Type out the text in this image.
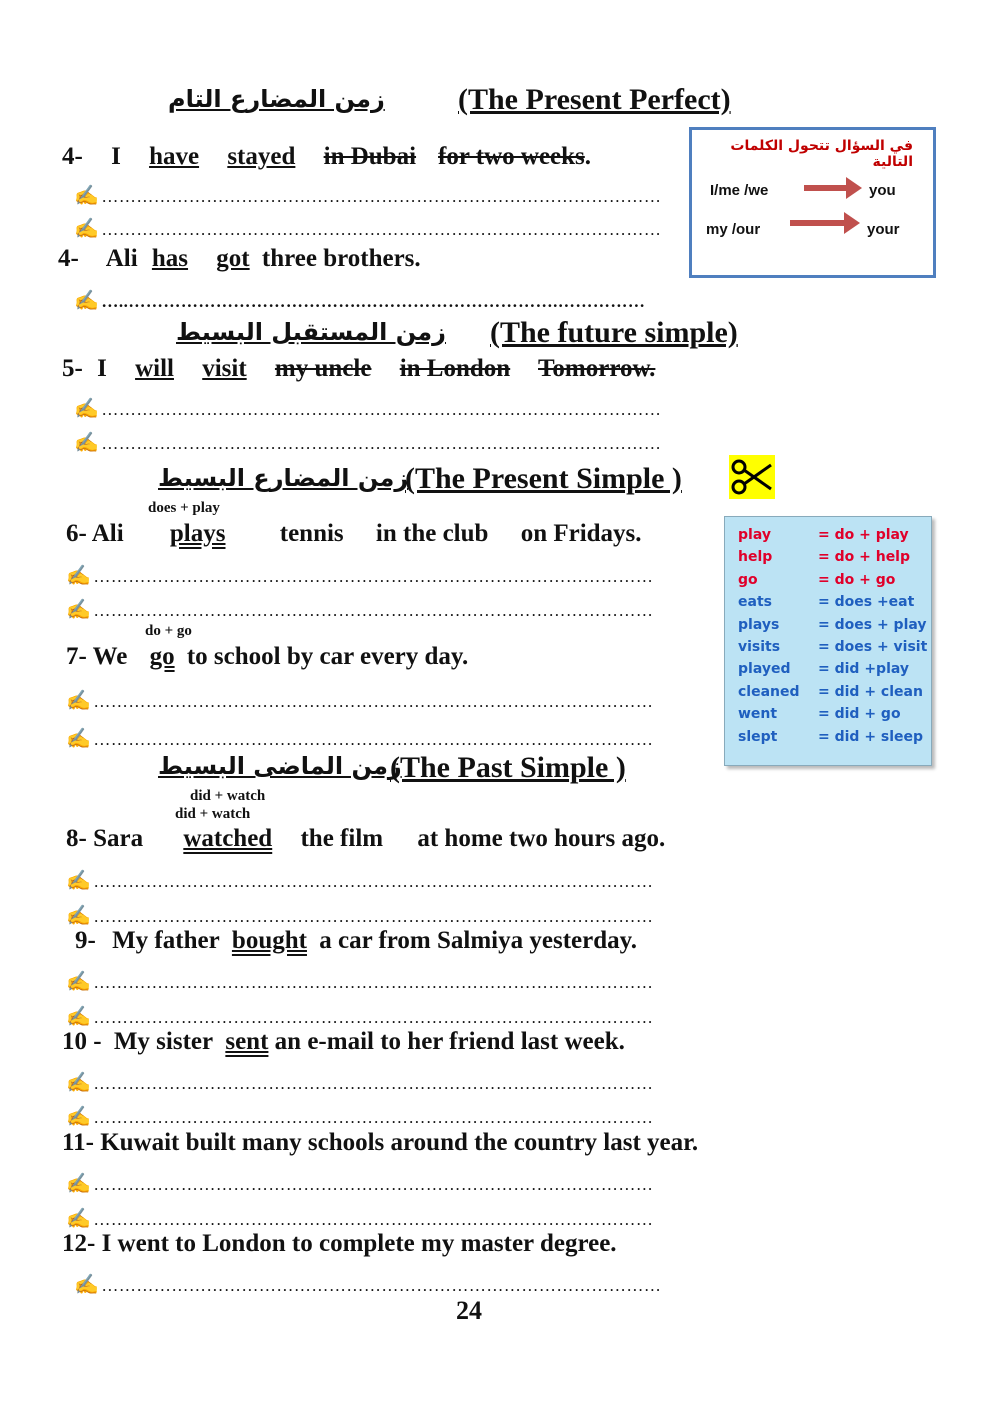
زمن المضارع التام (The Present Perfect)
4- I have stayed in Dubai for two weeks.
✍ ……………………………………………………………………………………
✍ ……………………………………………………………………………………
4- Ali has got three brothers.
✍ …..………………………………….…………………………….……………
في السؤال تتحول الكلمات التالية
I/me /we	you
my /our	your
زمن المستقبل البسيط (The future simple)
5- I will visit my uncle in London Tomorrow.
✍ ……………………………………………………………………………………
✍ ……………………………………………………………………………………
زمن المضارع البسيط
(The Present Simple )
does + play
6- Ali plays tennis in the club on Fridays.
✍ ……………………………………………………………………………………
✍ ……………………………………………………………………………………
do + go
7- We go to school by car every day.
✍ ……………………………………………………………………………………
✍ ……………………………………………………………………………………
play	= do + play
help	= do + help
go	= do + go
eats	= does +eat
plays	= does + play
visits	= does + visit
played = did +play
cleaned = did + clean
went	= did + go
slept	= did + sleep
زمن الماضى البسيط
(The Past Simple )
did + watch
did + watch
8- Sara watched the film at home two hours ago.
✍ ……………………………………………………………………………………
✍ ……………………………………………………………………………………
9- My father bought a car from Salmiya yesterday.
✍ ……………………………………………………………………………………
✍ ……………………………………………………………………………………
10 - My sister sent an e-mail to her friend last week.
✍ ……………………………………………………………………………………
✍ ……………………………………………………………………………………
11- Kuwait built many schools around the country last year.
✍ ……………………………………………………………………………………
✍ ……………………………………………………………………………………
12- I went to London to complete my master degree.
✍ ……………………………………………………………………………………
24
